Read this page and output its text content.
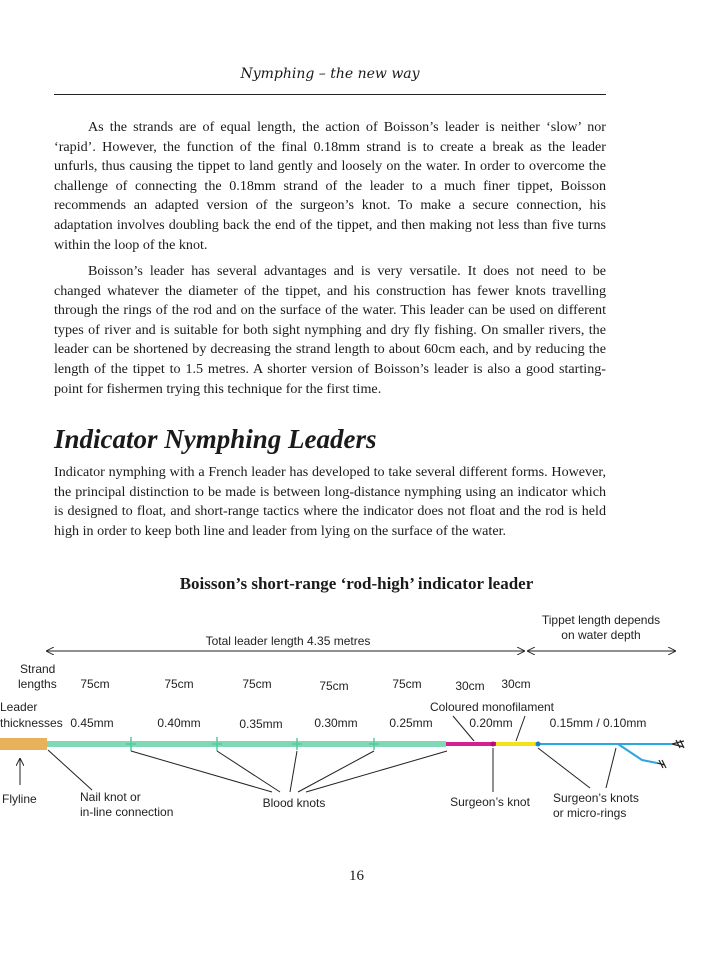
Nymphing – the new way

As the strands are of equal length, the action of Boisson’s leader is neither ‘slow’ nor ‘rapid’. However, the function of the final 0.18mm strand is to create a break as the leader unfurls, thus causing the tippet to land gently and loosely on the water. In order to overcome the challenge of connecting the 0.18mm strand of the leader to a much finer tippet, Boisson recommends an adapted version of the surgeon’s knot. To make a secure connection, his adaptation involves doubling back the end of the tippet, and then making not less than five turns within the loop of the knot.

Boisson’s leader has several advantages and is very versatile. It does not need to be changed whatever the diameter of the tippet, and his construction has fewer knots travelling through the rings of the rod and on the surface of the water. This leader can be used on different types of river and is suitable for both sight nymphing and dry fly fishing. On smaller rivers, the leader can be shortened by decreasing the strand length to about 60cm each, and by reducing the length of the tippet to 1.5 metres. A shorter version of Boisson’s leader is also a good starting-point for fishermen trying this technique for the first time.

Indicator Nymphing Leaders

Indicator nymphing with a French leader has developed to take several different forms. However, the principal distinction to be made is between long-distance nymphing using an indicator which is designed to float, and short-range tactics where the indicator does not float and the rod is held high in order to keep both line and leader from lying on the surface of the water.

Boisson’s short-range ‘rod-high’ indicator leader
Total leader length 4.35 metres
Tippet length depends
on water depth
Strand
lengths
Leader
thicknesses
75cm	75cm	75cm	75cm	75cm	30cm 30cm
Coloured monofilament
0.45mm	0.40mm	0.35mm	0.30mm	0.25mm	0.20mm	0.15mm / 0.10mm
Flyline	Nail knot or
in-line connection
Blood knots	Surgeon’s knot Surgeon’s knots
or micro-rings
16
